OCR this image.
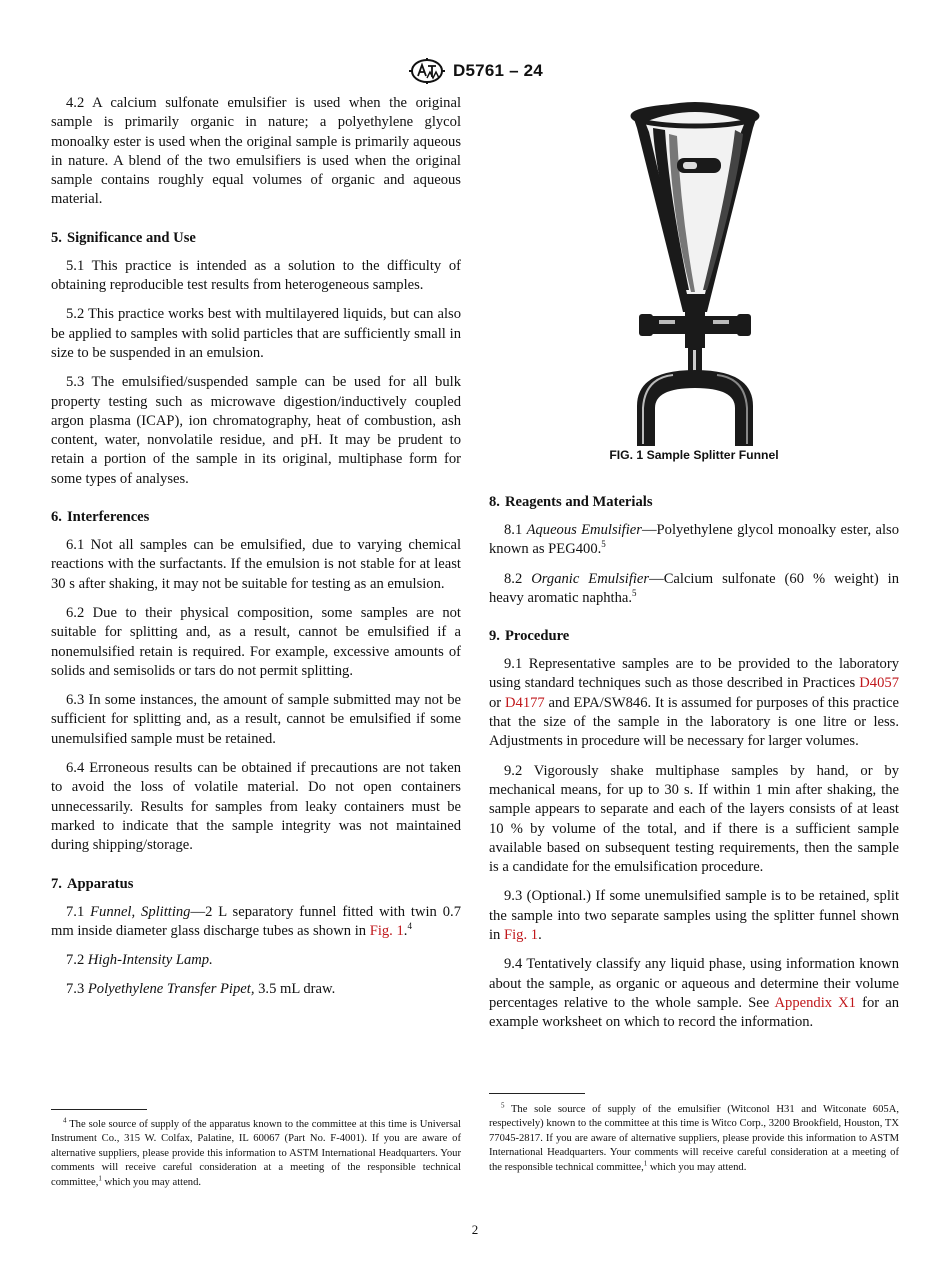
D5761 – 24

4.2 A calcium sulfonate emulsifier is used when the original sample is primarily organic in nature; a polyethylene glycol monoalky ester is used when the original sample is primarily aqueous in nature. A blend of the two emulsifiers is used when the original sample contains roughly equal volumes of organic and aqueous material.

5. Significance and Use

5.1 This practice is intended as a solution to the difficulty of obtaining reproducible test results from heterogeneous samples.

5.2 This practice works best with multilayered liquids, but can also be applied to samples with solid particles that are sufficiently small in size to be suspended in an emulsion.

5.3 The emulsified/suspended sample can be used for all bulk property testing such as microwave digestion/inductively coupled argon plasma (ICAP), ion chromatography, heat of combustion, ash content, water, nonvolatile residue, and pH. It may be prudent to retain a portion of the sample in its original, multiphase form for some types of analyses.

6. Interferences

6.1 Not all samples can be emulsified, due to varying chemical reactions with the surfactants. If the emulsion is not stable for at least 30 s after shaking, it may not be suitable for testing as an emulsion.

6.2 Due to their physical composition, some samples are not suitable for splitting and, as a result, cannot be emulsified if a nonemulsified retain is required. For example, excessive amounts of solids and semisolids or tars do not permit splitting.

6.3 In some instances, the amount of sample submitted may not be sufficient for splitting and, as a result, cannot be emulsified if some unemulsified sample must be retained.

6.4 Erroneous results can be obtained if precautions are not taken to avoid the loss of volatile material. Do not open containers unnecessarily. Results for samples from leaky containers must be marked to indicate that the sample integrity was not maintained during shipping/storage.

7. Apparatus

7.1 Funnel, Splitting—2 L separatory funnel fitted with twin 0.7 mm inside diameter glass discharge tubes as shown in Fig. 1.$^4$

7.2 High-Intensity Lamp.

7.3 Polyethylene Transfer Pipet, 3.5 mL draw.

FIG. 1 Sample Splitter Funnel
8. Reagents and Materials

8.1 Aqueous Emulsifier—Polyethylene glycol monoalky ester, also known as PEG400.$^5$

8.2 Organic Emulsifier—Calcium sulfonate (60 % weight) in heavy aromatic naphtha.$^5$

9. Procedure

9.1 Representative samples are to be provided to the laboratory using standard techniques such as those described in Practices D4057 or D4177 and EPA/SW846. It is assumed for purposes of this practice that the size of the sample in the laboratory is one litre or less. Adjustments in procedure will be necessary for larger volumes.

9.2 Vigorously shake multiphase samples by hand, or by mechanical means, for up to 30 s. If within 1 min after shaking, the sample appears to separate and each of the layers consists of at least 10 % by volume of the total, and if there is a sufficient sample available based on subsequent testing requirements, then the sample is a candidate for the emulsification procedure.

9.3 (Optional.) If some unemulsified sample is to be retained, split the sample into two separate samples using the splitter funnel shown in Fig. 1.

9.4 Tentatively classify any liquid phase, using information known about the sample, as organic or aqueous and determine their volume percentages relative to the whole sample. See Appendix X1 for an example worksheet on which to record the information.

$^4$ The sole source of supply of the apparatus known to the committee at this time is Universal Instrument Co., 315 W. Colfax, Palatine, IL 60067 (Part No. F-4001). If you are aware of alternative suppliers, please provide this information to ASTM International Headquarters. Your comments will receive careful consideration at a meeting of the responsible technical committee,$^1$ which you may attend.

$^5$ The sole source of supply of the emulsifier (Witconol H31 and Witconate 605A, respectively) known to the committee at this time is Witco Corp., 3200 Brookfield, Houston, TX 77045-2817. If you are aware of alternative suppliers, please provide this information to ASTM International Headquarters. Your comments will receive careful consideration at a meeting of the responsible technical committee,$^1$ which you may attend.

2
